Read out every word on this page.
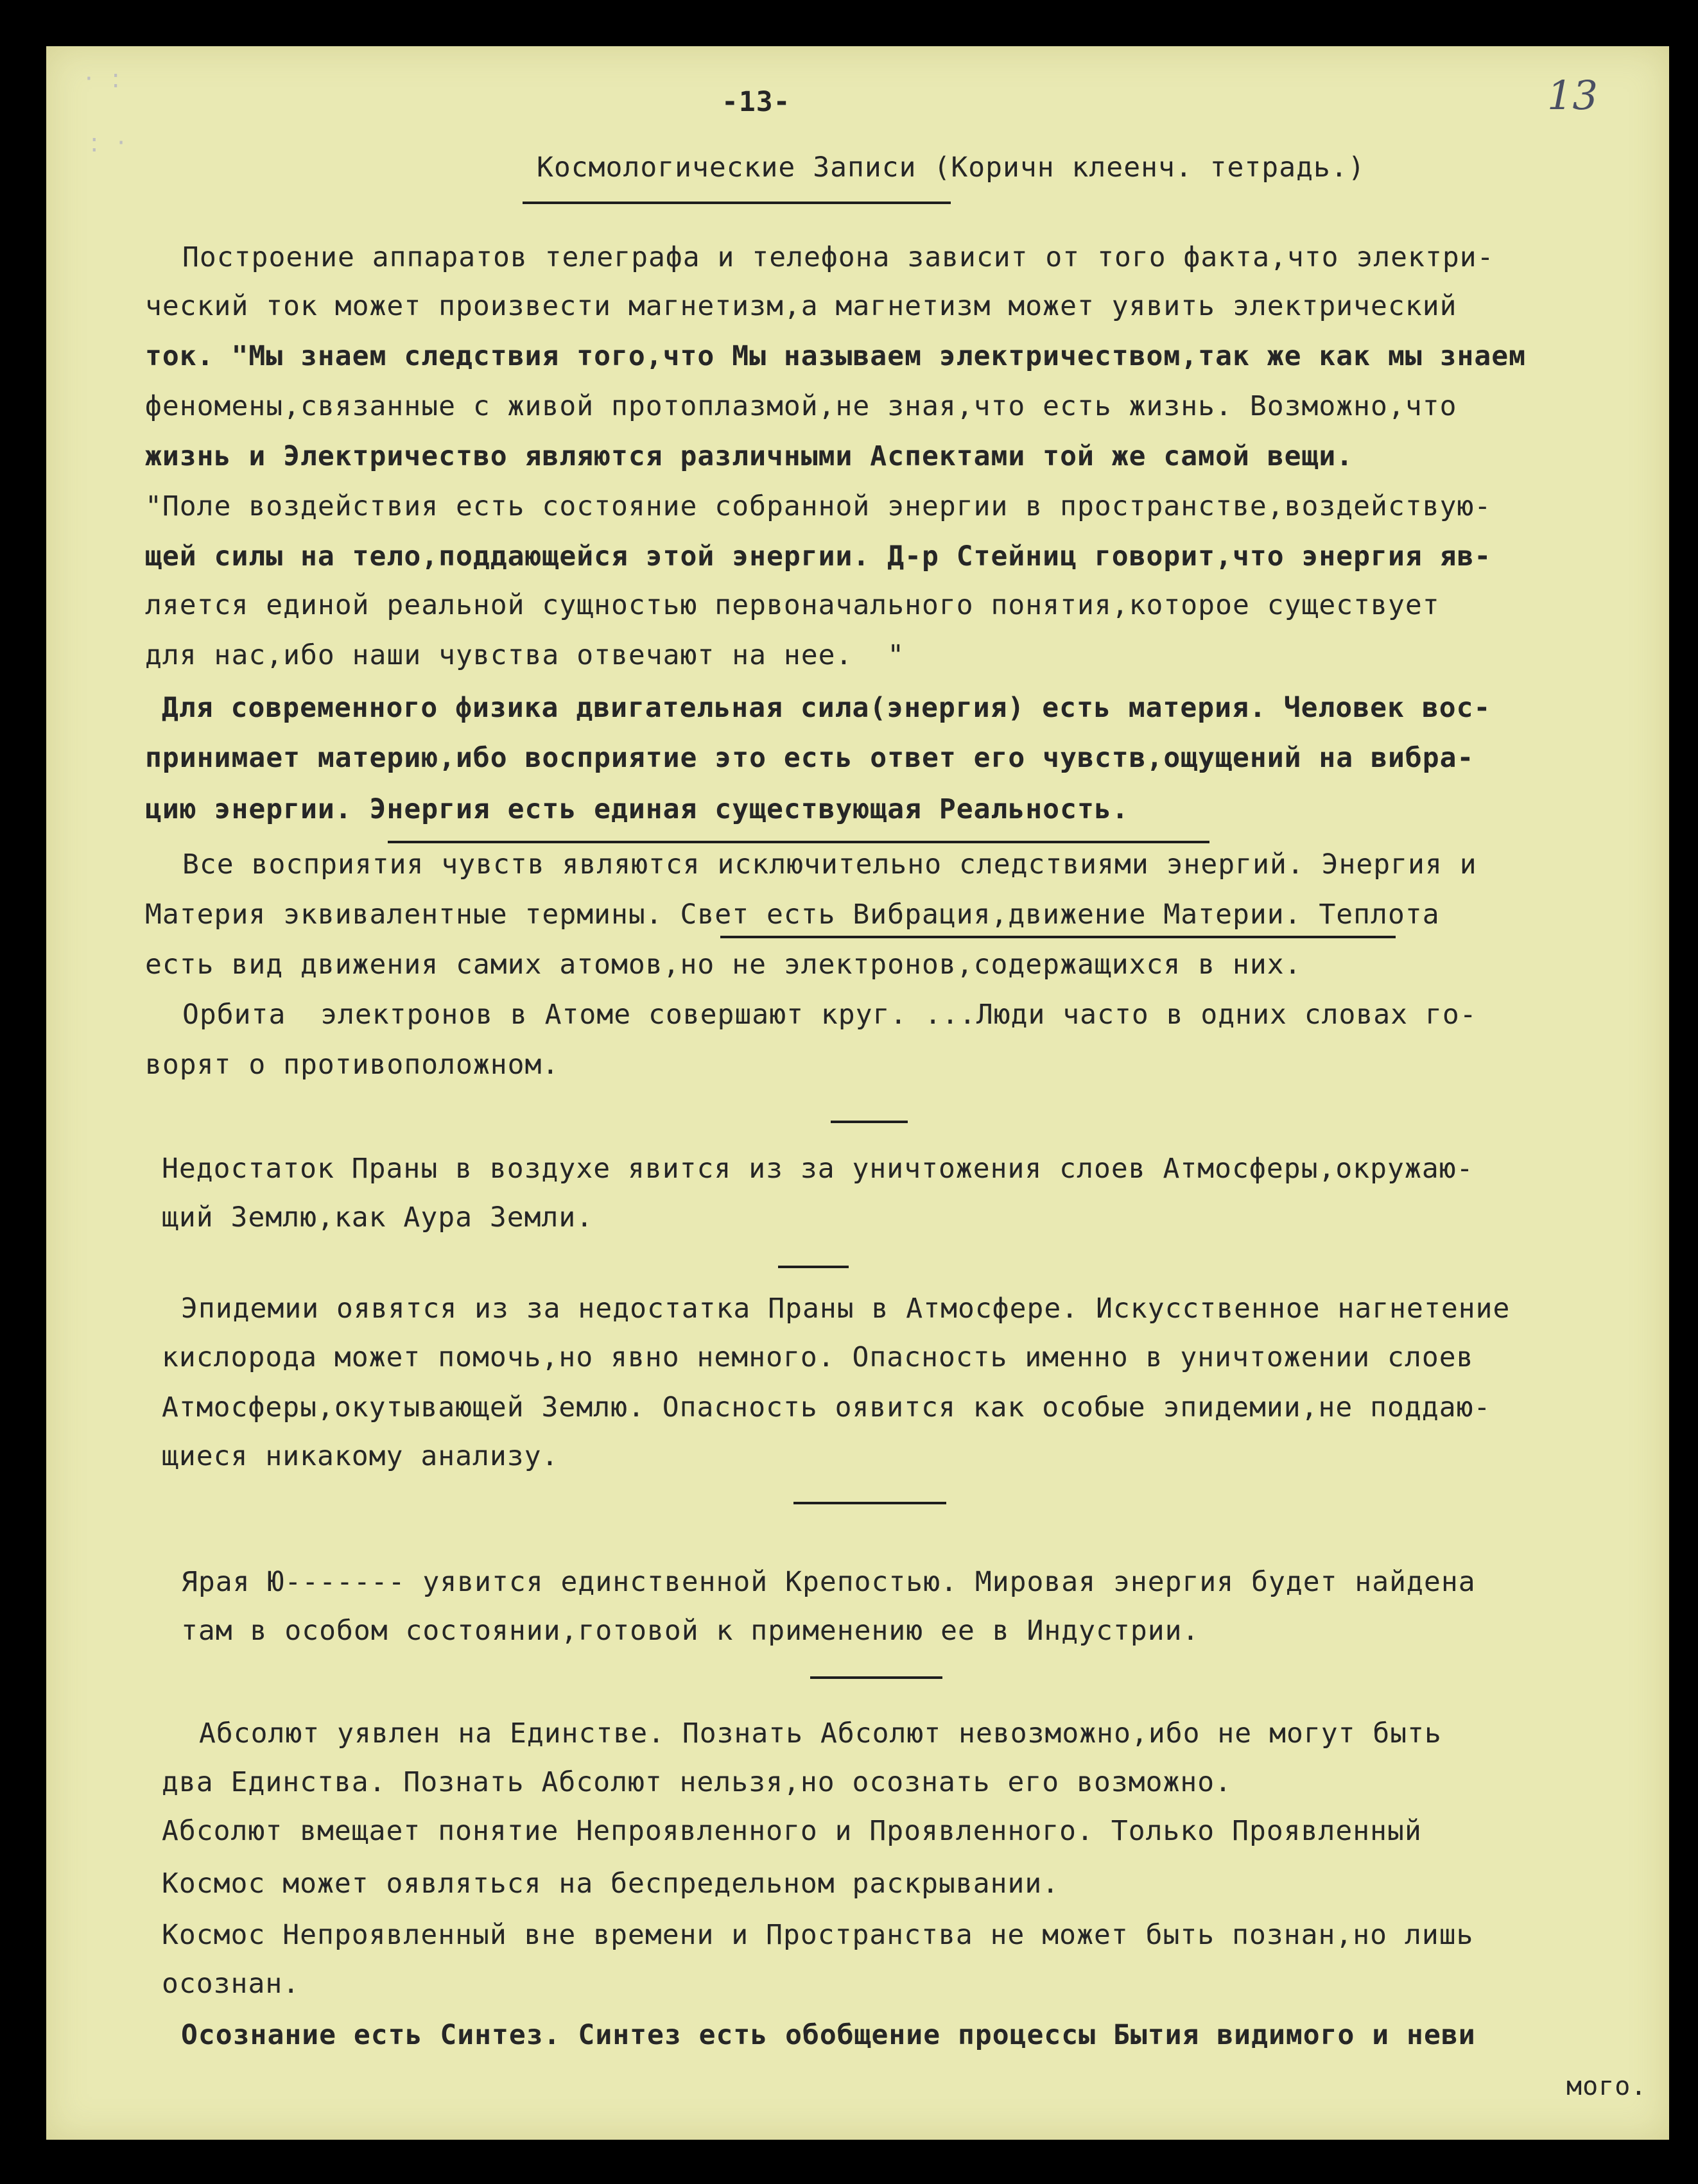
· :
: ·
-13-	13
Космологические Записи (Коричн клеенч. тетрадь.)
Построение аппаратов телеграфа и телефона зависит от того факта,что электри-
ческий ток может произвести магнетизм,а магнетизм может уявить электрический
ток. "Мы знаем следствия того,что Мы называем электричеством,так же как мы знаем
феномены,связанные с живой протоплазмой,не зная,что есть жизнь. Возможно,что
жизнь и Электричество являются различными Аспектами той же самой вещи.
"Поле воздействия есть состояние собранной энергии в пространстве,воздействую-
щей силы на тело,поддающейся этой энергии. Д-р Стейниц говорит,что энергия яв-
ляется единой реальной сущностью первоначального понятия,которое существует
для нас,ибо наши чувства отвечают на нее.  "
Для современного физика двигательная сила(энергия) есть материя. Человек вос-
принимает материю,ибо восприятие это есть ответ его чувств,ощущений на вибра-
цию энергии. Энергия есть единая существующая Реальность.
Все восприятия чувств являются исключительно следствиями энергий. Энергия и
Материя эквивалентные термины. Свет есть Вибрация,движение Материи. Теплота
есть вид движения самих атомов,но не электронов,содержащихся в них.
Орбита  электронов в Атоме совершают круг. ...Люди часто в одних словах го-
ворят о противоположном.
Недостаток Праны в воздухе явится из за уничтожения слоев Атмосферы,окружаю-
щий Землю,как Аура Земли.
Эпидемии оявятся из за недостатка Праны в Атмосфере. Искусственное нагнетение
кислорода может помочь,но явно немного. Опасность именно в уничтожении слоев
Атмосферы,окутывающей Землю. Опасность оявится как особые эпидемии,не поддаю-
щиеся никакому анализу.
Ярая Ю------- уявится единственной Крепостью. Мировая энергия будет найдена
там в особом состоянии,готовой к применению ее в Индустрии.
Абсолют уявлен на Единстве. Познать Абсолют невозможно,ибо не могут быть
два Единства. Познать Абсолют нельзя,но осознать его возможно.
Абсолют вмещает понятие Непроявленного и Проявленного. Только Проявленный
Космос может оявляться на беспредельном раскрывании.
Космос Непроявленный вне времени и Пространства не может быть познан,но лишь
осознан.
Осознание есть Синтез. Синтез есть обобщение процессы Бытия видимого и неви
мого.
